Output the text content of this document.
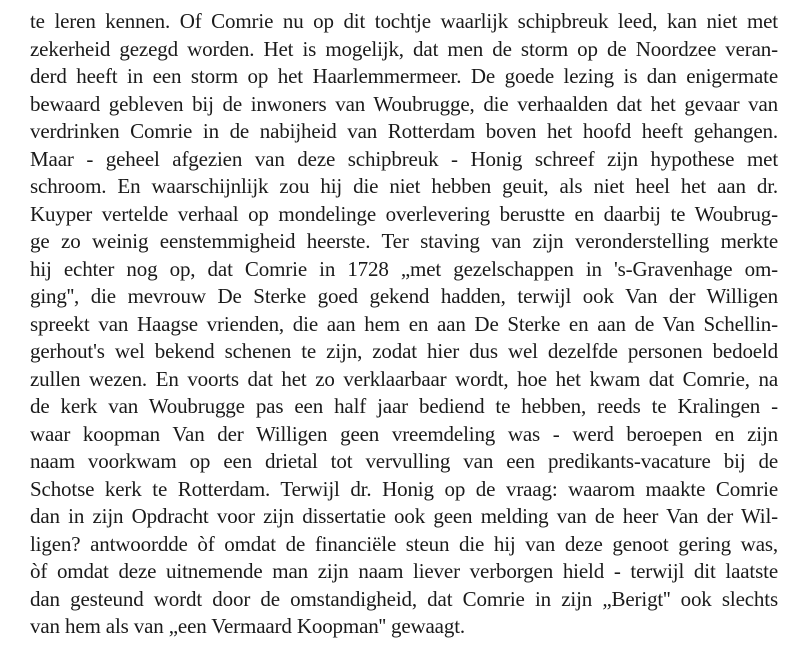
te leren kennen. Of Comrie nu op dit tochtje waarlijk schipbreuk leed, kan niet met
zekerheid gezegd worden. Het is mogelijk, dat men de storm op de Noordzee veran-
derd heeft in een storm op het Haarlemmermeer. De goede lezing is dan enigermate
bewaard gebleven bij de inwoners van Woubrugge, die verhaalden dat het gevaar van
verdrinken Comrie in de nabijheid van Rotterdam boven het hoofd heeft gehangen.
Maar - geheel afgezien van deze schipbreuk - Honig schreef zijn hypothese met
schroom. En waarschijnlijk zou hij die niet hebben geuit, als niet heel het aan dr.
Kuyper vertelde verhaal op mondelinge overlevering berustte en daarbij te Woubrug-
ge zo weinig eenstemmigheid heerste. Ter staving van zijn veronderstelling merkte
hij echter nog op, dat Comrie in 1728 „met gezelschappen in 's-Gravenhage om-
ging'', die mevrouw De Sterke goed gekend hadden, terwijl ook Van der Willigen
spreekt van Haagse vrienden, die aan hem en aan De Sterke en aan de Van Schellin-
gerhout's wel bekend schenen te zijn, zodat hier dus wel dezelfde personen bedoeld
zullen wezen. En voorts dat het zo verklaarbaar wordt, hoe het kwam dat Comrie, na
de kerk van Woubrugge pas een half jaar bediend te hebben, reeds te Kralingen -
waar koopman Van der Willigen geen vreemdeling was - werd beroepen en zijn
naam voorkwam op een drietal tot vervulling van een predikants-vacature bij de
Schotse kerk te Rotterdam. Terwijl dr. Honig op de vraag: waarom maakte Comrie
dan in zijn Opdracht voor zijn dissertatie ook geen melding van de heer Van der Wil-
ligen? antwoordde òf omdat de financiële steun die hij van deze genoot gering was,
òf omdat deze uitnemende man zijn naam liever verborgen hield - terwijl dit laatste
dan gesteund wordt door de omstandigheid, dat Comrie in zijn „Berigt'' ook slechts
van hem als van „een Vermaard Koopman'' gewaagt.
